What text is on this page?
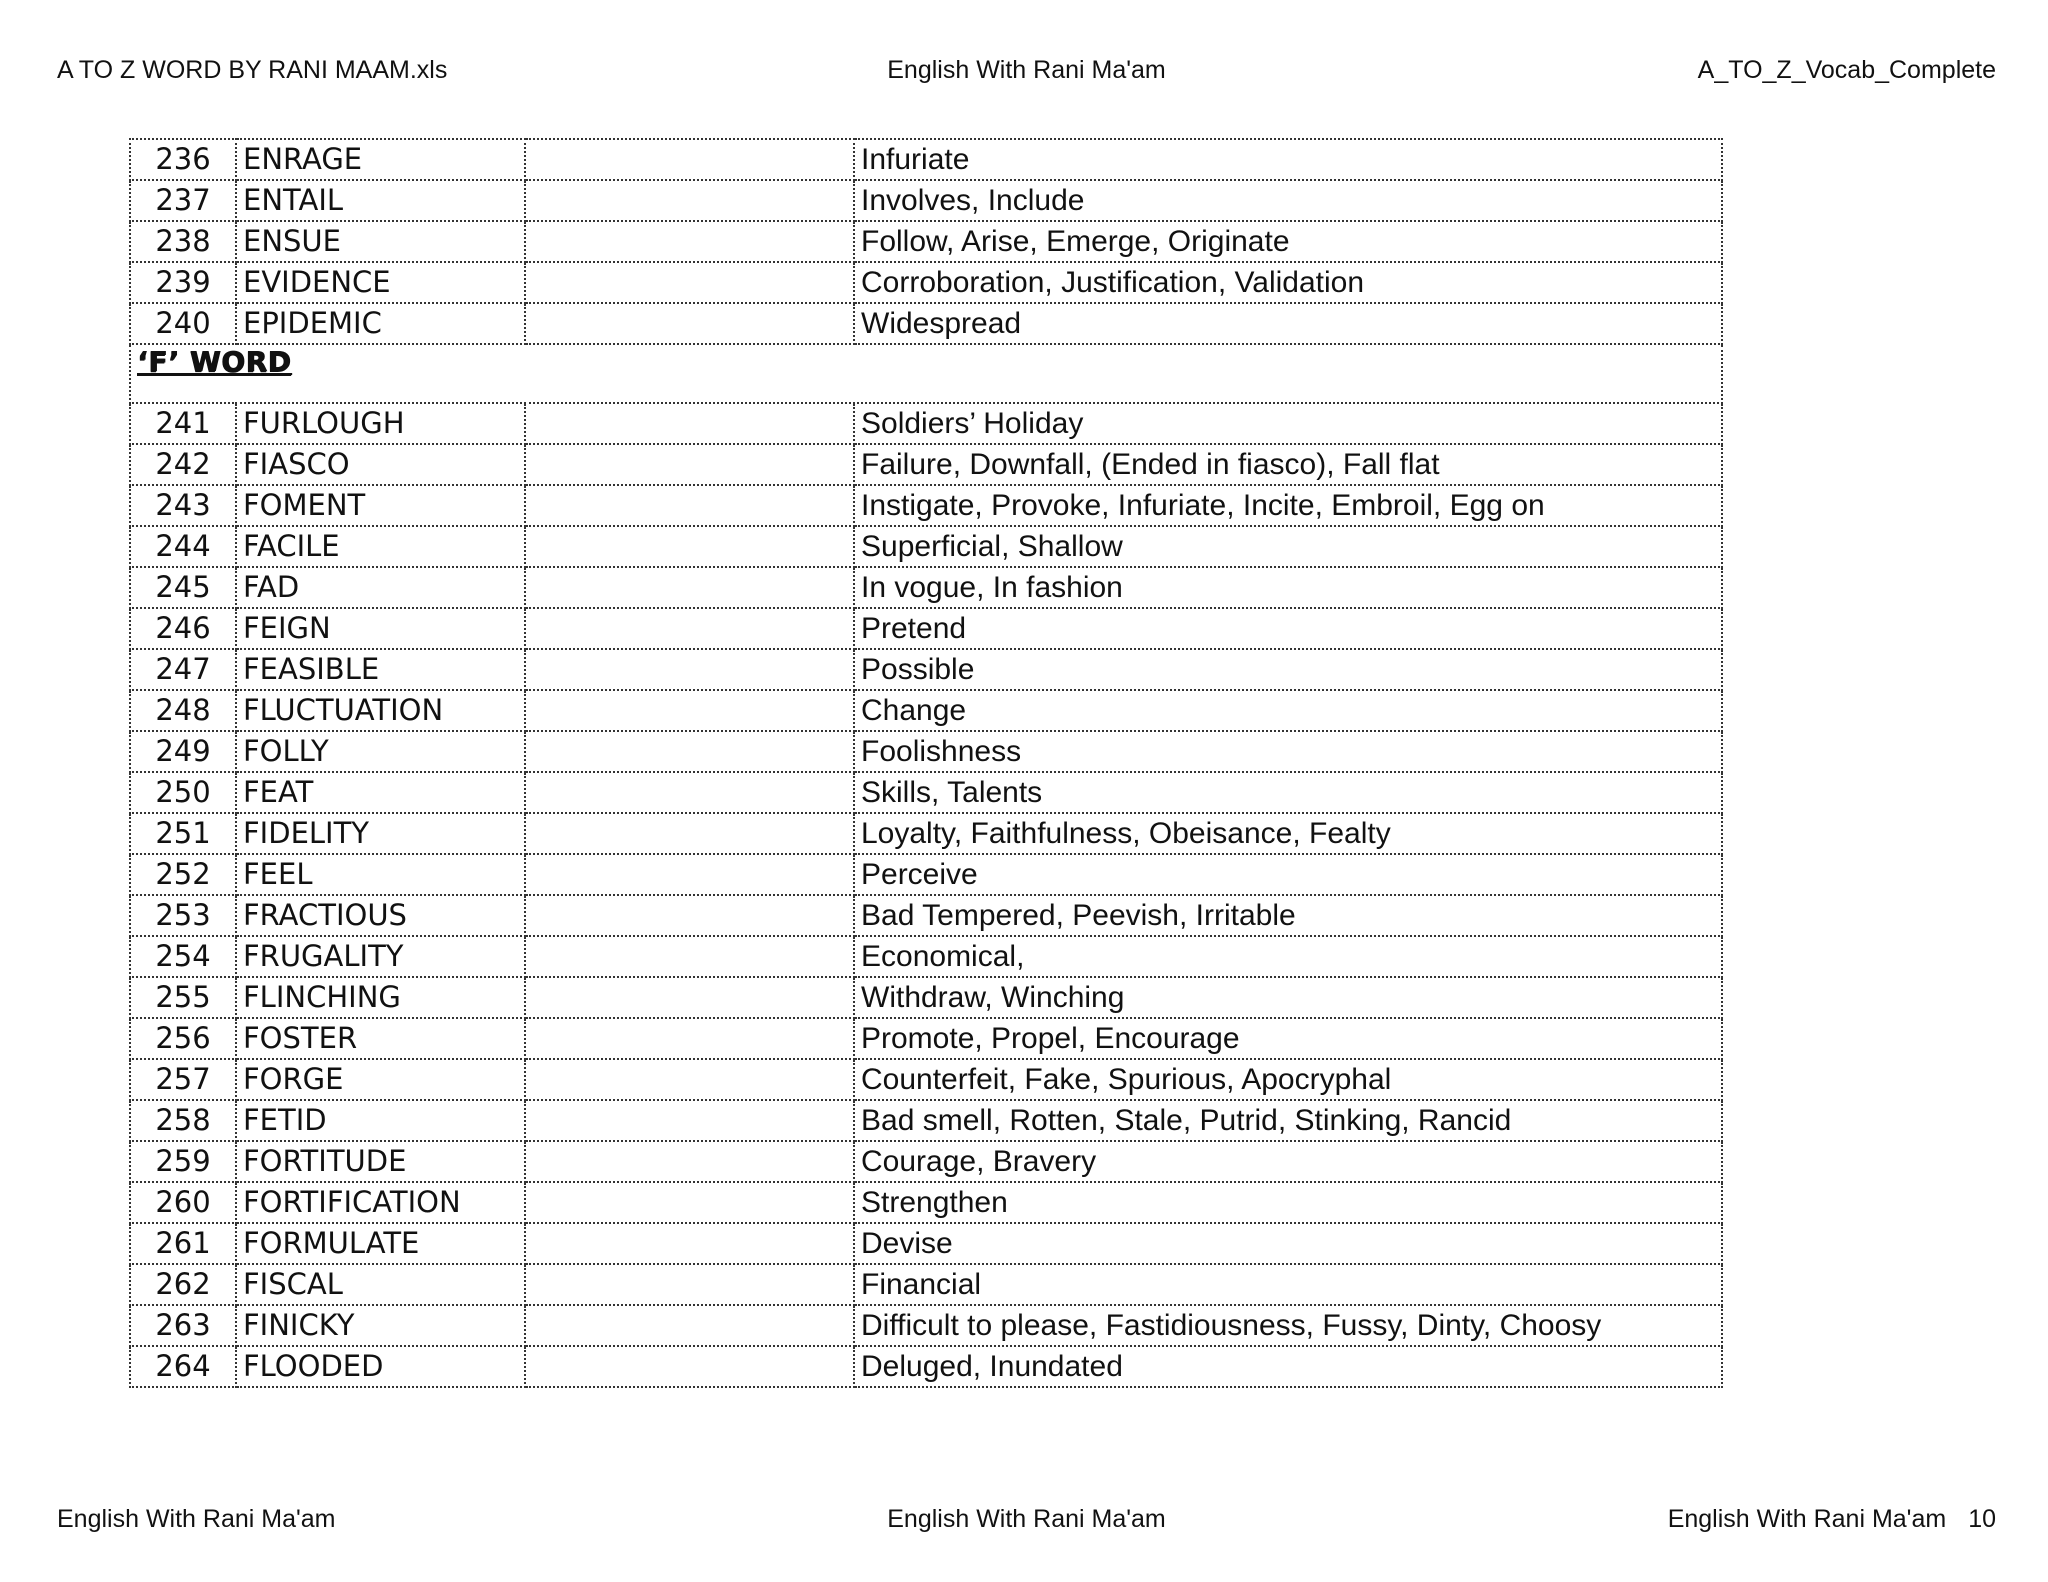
A TO Z WORD BY RANI MAAM.xls	English With Rani Ma'am	A_TO_Z_Vocab_Complete
236	ENRAGE		Infuriate
237	ENTAIL		Involves, Include
238	ENSUE		Follow, Arise, Emerge, Originate
239	EVIDENCE		Corroboration, Justification, Validation
240	EPIDEMIC		Widespread
‘F’ WORD			
241	FURLOUGH		Soldiers’ Holiday
242	FIASCO		Failure, Downfall, (Ended in fiasco), Fall flat
243	FOMENT		Instigate, Provoke, Infuriate, Incite, Embroil, Egg on
244	FACILE		Superficial, Shallow
245	FAD		In vogue, In fashion
246	FEIGN		Pretend
247	FEASIBLE		Possible
248	FLUCTUATION		Change
249	FOLLY		Foolishness
250	FEAT		Skills, Talents
251	FIDELITY		Loyalty, Faithfulness, Obeisance, Fealty
252	FEEL		Perceive
253	FRACTIOUS		Bad Tempered, Peevish, Irritable
254	FRUGALITY		Economical,
255	FLINCHING		Withdraw, Winching
256	FOSTER		Promote, Propel, Encourage
257	FORGE		Counterfeit, Fake, Spurious, Apocryphal
258	FETID		Bad smell, Rotten, Stale, Putrid, Stinking, Rancid
259	FORTITUDE		Courage, Bravery
260	FORTIFICATION		Strengthen
261	FORMULATE		Devise
262	FISCAL		Financial
263	FINICKY		Difficult to please, Fastidiousness, Fussy, Dinty, Choosy
264	FLOODED		Deluged, Inundated
English With Rani Ma'am	English With Rani Ma'am	English With Rani Ma'am 10
